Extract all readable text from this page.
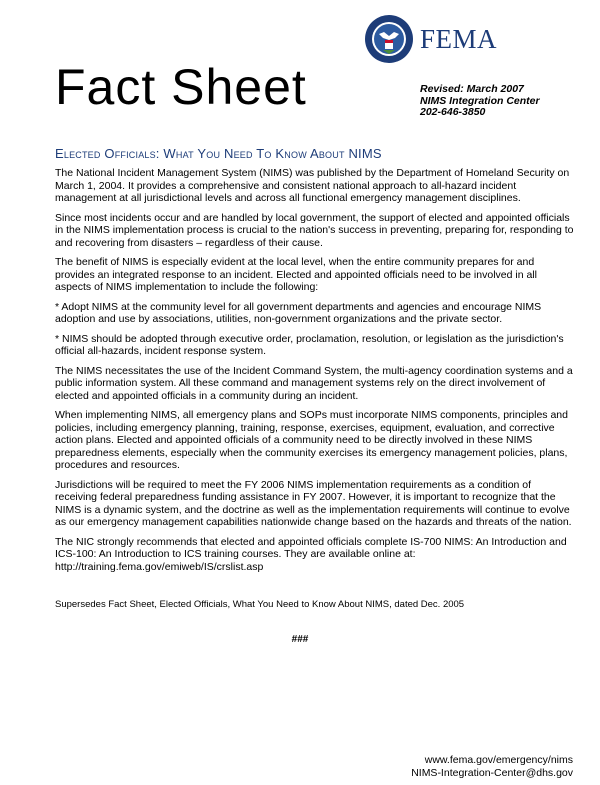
FEMA
Fact Sheet	Revised: March 2007
NIMS Integration Center
202-646-3850
Elected Officials: What You Need To Know About NIMS

The National Incident Management System (NIMS) was published by the Department of Homeland Security on March 1, 2004. It provides a comprehensive and consistent national approach to all-hazard incident management at all jurisdictional levels and across all functional emergency management disciplines.

Since most incidents occur and are handled by local government, the support of elected and appointed officials in the NIMS implementation process is crucial to the nation's success in preventing, preparing for, responding to and recovering from disasters – regardless of their cause.

The benefit of NIMS is especially evident at the local level, when the entire community prepares for and provides an integrated response to an incident. Elected and appointed officials need to be involved in all aspects of NIMS implementation to include the following:

* Adopt NIMS at the community level for all government departments and agencies and encourage NIMS adoption and use by associations, utilities, non-government organizations and the private sector.

* NIMS should be adopted through executive order, proclamation, resolution, or legislation as the jurisdiction's official all-hazards, incident response system.

The NIMS necessitates the use of the Incident Command System, the multi-agency coordination systems and a public information system. All these command and management systems rely on the direct involvement of elected and appointed officials in a community during an incident.

When implementing NIMS, all emergency plans and SOPs must incorporate NIMS components, principles and policies, including emergency planning, training, response, exercises, equipment, evaluation, and corrective action plans. Elected and appointed officials of a community need to be directly involved in these NIMS preparedness elements, especially when the community exercises its emergency management policies, plans, procedures and resources.

Jurisdictions will be required to meet the FY 2006 NIMS implementation requirements as a condition of receiving federal preparedness funding assistance in FY 2007. However, it is important to recognize that the NIMS is a dynamic system, and the doctrine as well as the implementation requirements will continue to evolve as our emergency management capabilities nationwide change based on the hazards and threats of the nation.

The NIC strongly recommends that elected and appointed officials complete IS-700 NIMS: An Introduction and ICS-100: An Introduction to ICS training courses. They are available online at:

http://training.fema.gov/emiweb/IS/crslist.asp
Supersedes Fact Sheet, Elected Officials, What You Need to Know About NIMS, dated Dec. 2005
###
www.fema.gov/emergency/nims
NIMS-Integration-Center@dhs.gov
